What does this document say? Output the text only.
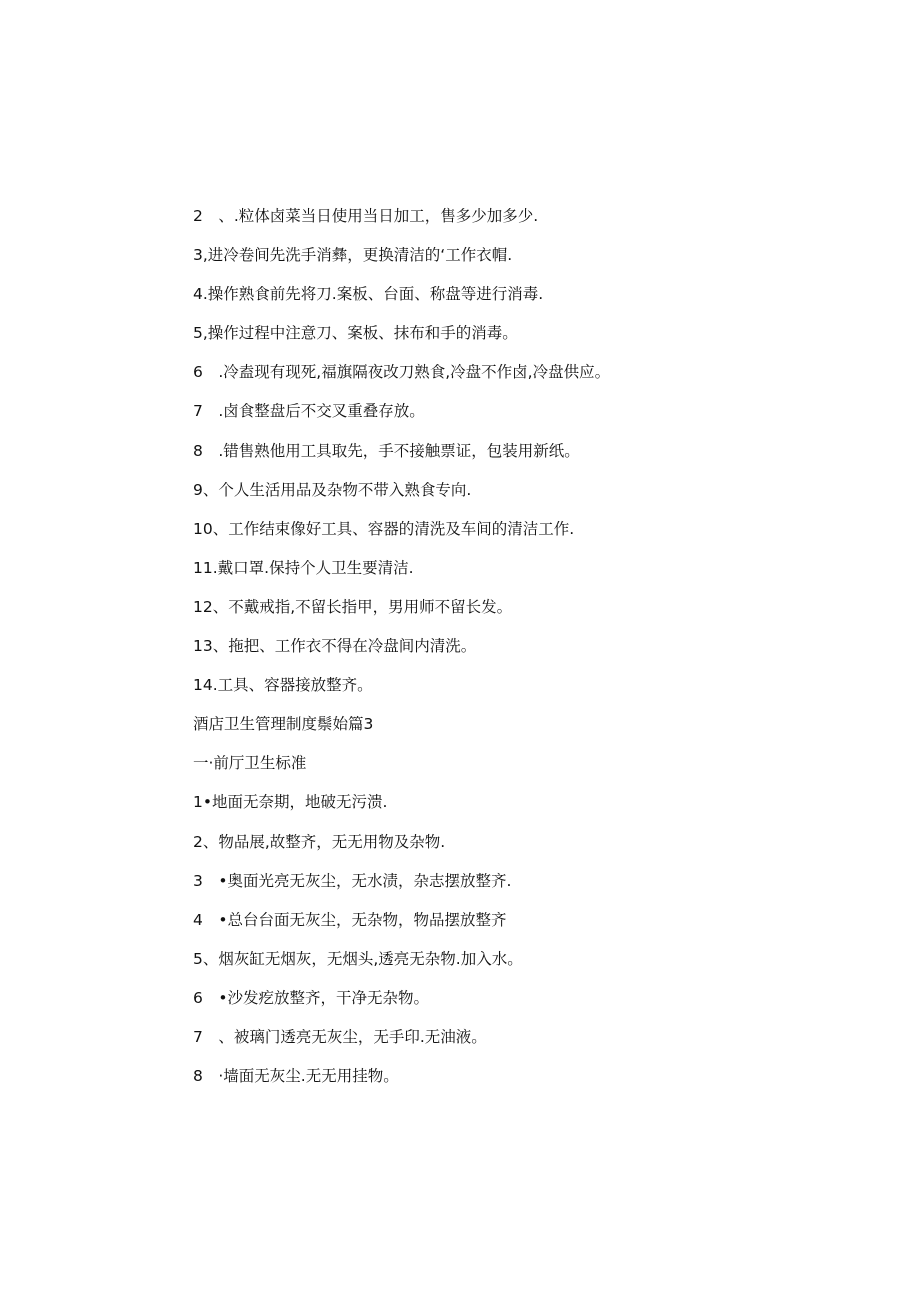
2　、.粒体卤菜当日使用当日加工，售多少加多少.
3,进冷卷间先洗手消彝，更换清洁的‘工作衣帽.
4.操作熟食前先将刀.案板、台面、称盘等进行消毒.
5,操作过程中注意刀、案板、抹布和手的消毒。
6　.冷盍现有现死,福旗隔夜改刀熟食,冷盘不作卤,冷盘供应。
7　.卤食整盘后不交叉重叠存放。
8　.错售熟他用工具取先，手不接触票证，包装用新纸。
9、个人生活用品及杂物不带入熟食专向.
10、工作结束像好工具、容器的清洗及车间的清洁工作.
11.戴口罩.保持个人卫生要清洁.
12、不戴戒指,不留长指甲，男用师不留长发。
13、拖把、工作衣不得在冷盘间内清洗。
14.工具、容器接放整齐。
酒店卫生管理制度鬃始篇3
一·前厅卫生标准
1•地面无奈期，地破无污溃.
2、物品展,故整齐，无无用物及杂物.
3　•奥面光亮无灰尘，无水渍，杂志摆放整齐.
4　•总台台面无灰尘，无杂物，物品摆放整齐
5、烟灰缸无烟灰，无烟头,透亮无杂物.加入水。
6　•沙发疙放整齐，干净无杂物。
7　、被璃门透亮无灰尘，无手印.无油液。
8　·墙面无灰尘.无无用挂物。
